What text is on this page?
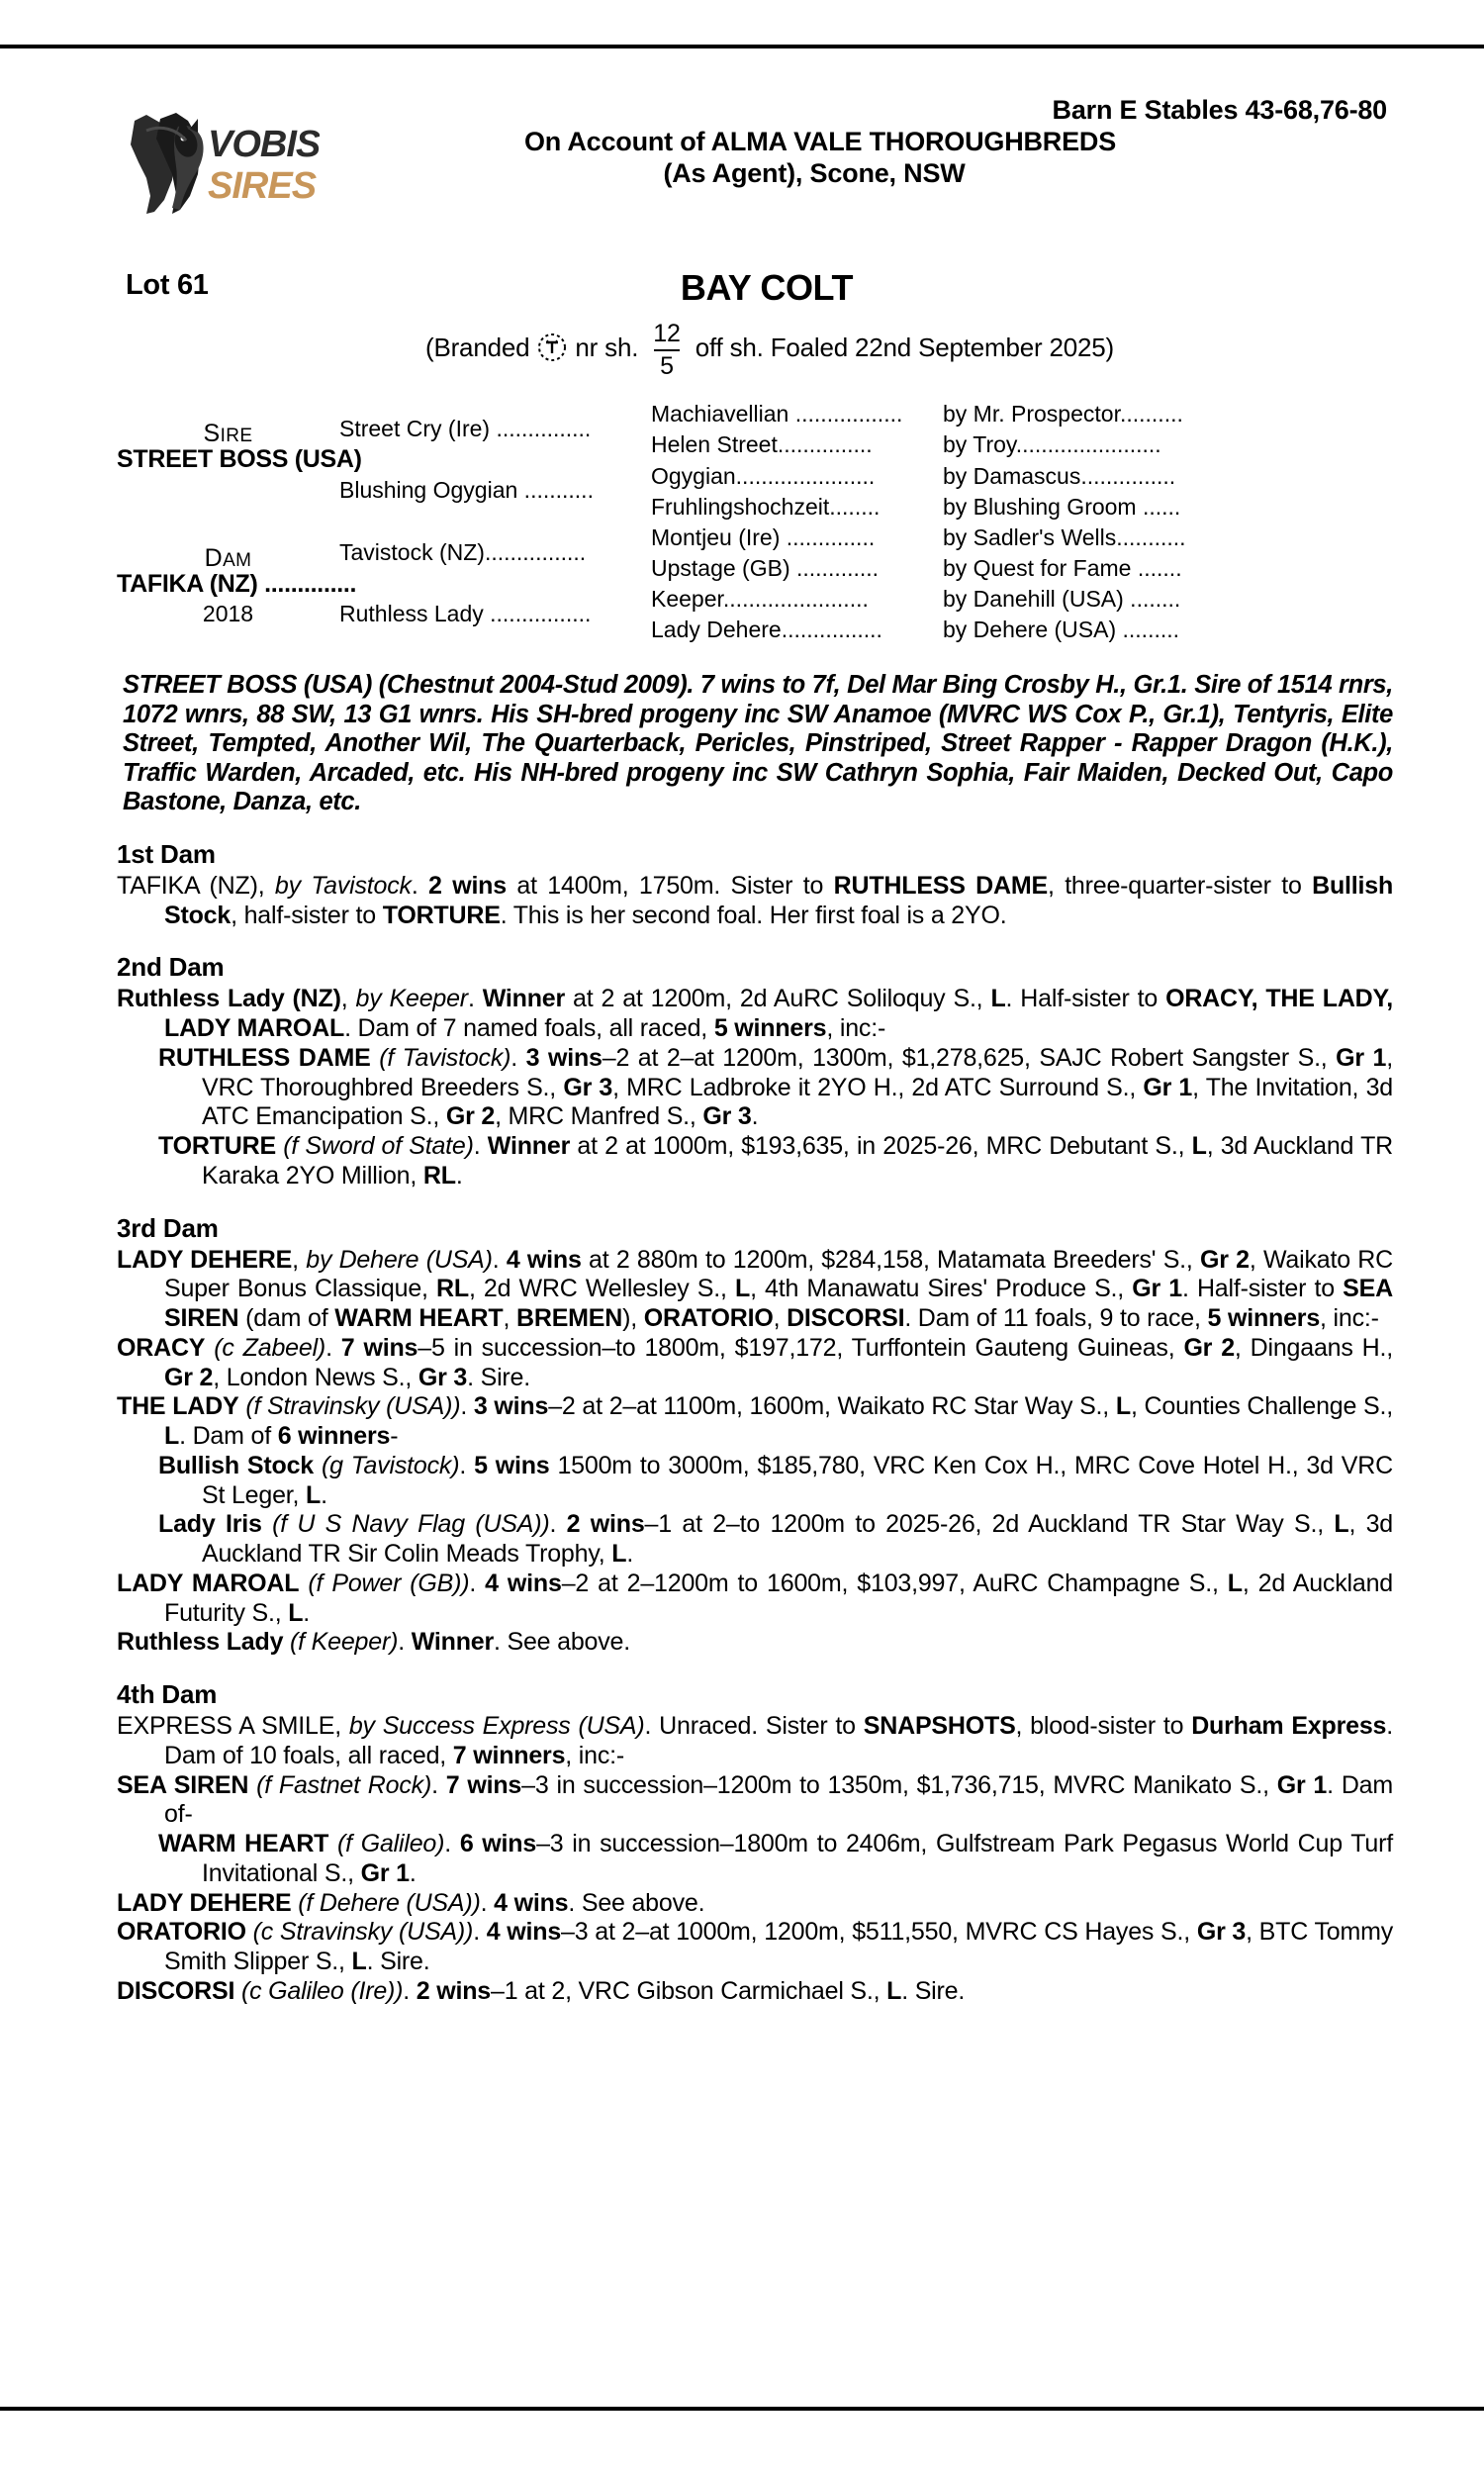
VOBIS
SIRES
Barn E Stables 43-68,76-80
On Account of ALMA VALE THOROUGHBREDS
(As Agent), Scone, NSW
Lot 61	BAY COLT
(Branded nr sh. $\frac{12}{5}$ off sh. Foaled 22nd September 2025)
SIRE
STREET BOSS (USA)
DAM
TAFIKA (NZ) ..............
2018
Street Cry (Ire) ...............
Blushing Ogygian ...........
Tavistock (NZ)................
Ruthless Lady ................
Machiavellian .................
Helen Street...............
Ogygian......................
Fruhlingshochzeit........
Montjeu (Ire) ..............
Upstage (GB) .............
Keeper.......................
Lady Dehere................
by Mr. Prospector..........
by Troy.......................
by Damascus...............
by Blushing Groom ......
by Sadler's Wells...........
by Quest for Fame .......
by Danehill (USA) ........
by Dehere (USA) .........
STREET BOSS (USA) (Chestnut 2004-Stud 2009). 7 wins to 7f, Del Mar Bing Crosby H., Gr.1. Sire of 1514 rnrs, 1072 wnrs, 88 SW, 13 G1 wnrs. His SH-bred progeny inc SW Anamoe (MVRC WS Cox P., Gr.1), Tentyris, Elite Street, Tempted, Another Wil, The Quarterback, Pericles, Pinstriped, Street Rapper - Rapper Dragon (H.K.), Traffic Warden, Arcaded, etc. His NH-bred progeny inc SW Cathryn Sophia, Fair Maiden, Decked Out, Capo Bastone, Danza, etc.
1st Dam

TAFIKA (NZ), by Tavistock. 2 wins at 1400m, 1750m. Sister to RUTHLESS DAME, three-quarter-sister to Bullish Stock, half-sister to TORTURE. This is her second foal. Her first foal is a 2YO.

2nd Dam

Ruthless Lady (NZ), by Keeper. Winner at 2 at 1200m, 2d AuRC Soliloquy S., L. Half-sister to ORACY, THE LADY, LADY MAROAL. Dam of 7 named foals, all raced, 5 winners, inc:-

RUTHLESS DAME (f Tavistock). 3 wins–2 at 2–at 1200m, 1300m, $1,278,625, SAJC Robert Sangster S., Gr 1, VRC Thoroughbred Breeders S., Gr 3, MRC Ladbroke it 2YO H., 2d ATC Surround S., Gr 1, The Invitation, 3d ATC Emancipation S., Gr 2, MRC Manfred S., Gr 3.

TORTURE (f Sword of State). Winner at 2 at 1000m, $193,635, in 2025-26, MRC Debutant S., L, 3d Auckland TR Karaka 2YO Million, RL.

3rd Dam

LADY DEHERE, by Dehere (USA). 4 wins at 2 880m to 1200m, $284,158, Matamata Breeders' S., Gr 2, Waikato RC Super Bonus Classique, RL, 2d WRC Wellesley S., L, 4th Manawatu Sires' Produce S., Gr 1. Half-sister to SEA SIREN (dam of WARM HEART, BREMEN), ORATORIO, DISCORSI. Dam of 11 foals, 9 to race, 5 winners, inc:-

ORACY (c Zabeel). 7 wins–5 in succession–to 1800m, $197,172, Turffontein Gauteng Guineas, Gr 2, Dingaans H., Gr 2, London News S., Gr 3. Sire.

THE LADY (f Stravinsky (USA)). 3 wins–2 at 2–at 1100m, 1600m, Waikato RC Star Way S., L, Counties Challenge S., L. Dam of 6 winners-

Bullish Stock (g Tavistock). 5 wins 1500m to 3000m, $185,780, VRC Ken Cox H., MRC Cove Hotel H., 3d VRC St Leger, L.

Lady Iris (f U S Navy Flag (USA)). 2 wins–1 at 2–to 1200m to 2025-26, 2d Auckland TR Star Way S., L, 3d Auckland TR Sir Colin Meads Trophy, L.

LADY MAROAL (f Power (GB)). 4 wins–2 at 2–1200m to 1600m, $103,997, AuRC Champagne S., L, 2d Auckland Futurity S., L.

Ruthless Lady (f Keeper). Winner. See above.

4th Dam

EXPRESS A SMILE, by Success Express (USA). Unraced. Sister to SNAPSHOTS, blood-sister to Durham Express. Dam of 10 foals, all raced, 7 winners, inc:-

SEA SIREN (f Fastnet Rock). 7 wins–3 in succession–1200m to 1350m, $1,736,715, MVRC Manikato S., Gr 1. Dam of-

WARM HEART (f Galileo). 6 wins–3 in succession–1800m to 2406m, Gulfstream Park Pegasus World Cup Turf Invitational S., Gr 1.

LADY DEHERE (f Dehere (USA)). 4 wins. See above.

ORATORIO (c Stravinsky (USA)). 4 wins–3 at 2–at 1000m, 1200m, $511,550, MVRC CS Hayes S., Gr 3, BTC Tommy Smith Slipper S., L. Sire.

DISCORSI (c Galileo (Ire)). 2 wins–1 at 2, VRC Gibson Carmichael S., L. Sire.
